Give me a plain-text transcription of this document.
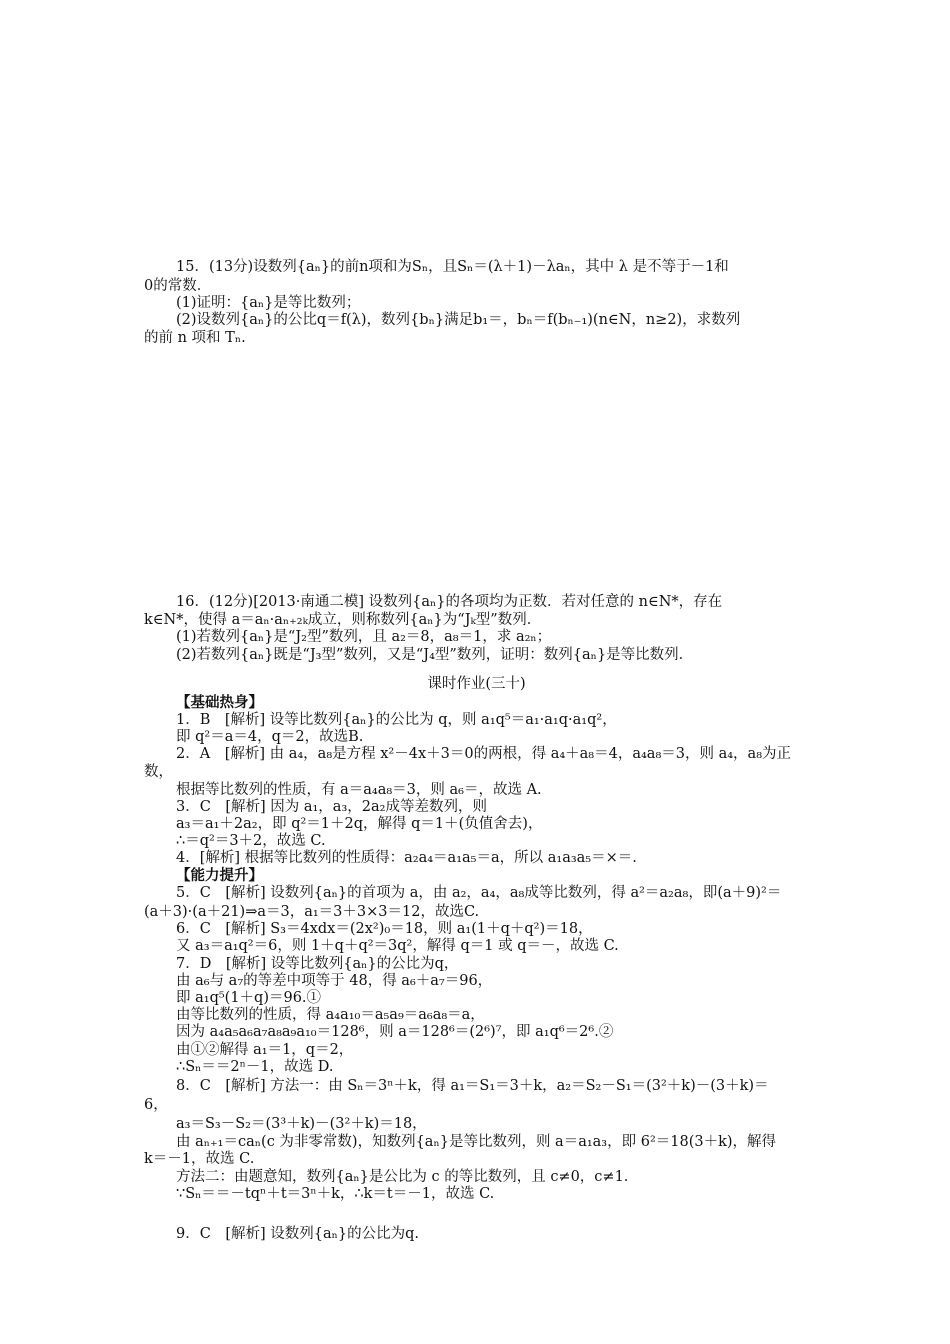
15．(13分)设数列{aₙ}的前n项和为Sₙ，且Sₙ＝(λ＋1)－λaₙ，其中 λ 是不等于－1和
0的常数．
(1)证明：{aₙ}是等比数列；
(2)设数列{aₙ}的公比q＝f(λ)，数列{bₙ}满足b₁＝，bₙ＝f(bₙ₋₁)(n∈N，n≥2)，求数列
的前 n 项和 Tₙ.
16．(12分)[2013·南通二模] 设数列{aₙ}的各项均为正数．若对任意的 n∈N*，存在
k∈N*，使得 a＝aₙ·aₙ₊₂ₖ成立，则称数列{aₙ}为“Jₖ型”数列．
(1)若数列{aₙ}是“J₂型”数列，且 a₂＝8，a₈＝1，求 a₂ₙ；
(2)若数列{aₙ}既是“J₃型”数列，又是“J₄型”数列，证明：数列{aₙ}是等比数列．
课时作业(三十)
【基础热身】
1．B　[解析] 设等比数列{aₙ}的公比为 q，则 a₁q⁵＝a₁·a₁q·a₁q²，
即 q²＝a＝4，q＝2，故选B.
2．A　[解析] 由 a₄，a₈是方程 x²－4x＋3＝0的两根，得 a₄＋a₈＝4，a₄a₈＝3，则 a₄，a₈为正
数，
根据等比数列的性质，有 a＝a₄a₈＝3，则 a₆＝，故选 A.
3．C　[解析] 因为 a₁，a₃，2a₂成等差数列，则
a₃＝a₁＋2a₂，即 q²＝1＋2q，解得 q＝1＋(负值舍去)，
∴＝q²＝3＋2，故选 C.
4．[解析] 根据等比数列的性质得：a₂a₄＝a₁a₅＝a，所以 a₁a₃a₅＝×＝.
【能力提升】
5．C　[解析] 设数列{aₙ}的首项为 a，由 a₂，a₄，a₈成等比数列，得 a²＝a₂a₈，即(a＋9)²＝
(a＋3)·(a＋21)⇒a＝3，a₁＝3＋3×3＝12，故选C.
6．C　[解析] S₃＝4xdx＝(2x²)₀＝18，则 a₁(1＋q＋q²)＝18，
又 a₃＝a₁q²＝6，则 1＋q＋q²＝3q²，解得 q＝1 或 q＝－，故选 C.
7．D　[解析] 设等比数列{aₙ}的公比为q，
由 a₆与 a₇的等差中项等于 48，得 a₆＋a₇＝96，
即 a₁q⁵(1＋q)＝96.①
由等比数列的性质，得 a₄a₁₀＝a₅a₉＝a₆a₈＝a，
因为 a₄a₅a₆a₇a₈a₉a₁₀＝128⁶，则 a＝128⁶＝(2⁶)⁷，即 a₁q⁶＝2⁶.②
由①②解得 a₁＝1，q＝2，
∴Sₙ＝＝2ⁿ－1，故选 D.
8．C　[解析] 方法一：由 Sₙ＝3ⁿ＋k，得 a₁＝S₁＝3＋k，a₂＝S₂－S₁＝(3²＋k)－(3＋k)＝
6，
a₃＝S₃－S₂＝(3³＋k)－(3²＋k)＝18，
由 aₙ₊₁＝caₙ(c 为非零常数)，知数列{aₙ}是等比数列，则 a＝a₁a₃，即 6²＝18(3＋k)，解得
k＝－1，故选 C.
方法二：由题意知，数列{aₙ}是公比为 c 的等比数列，且 c≠0，c≠1.
∵Sₙ＝＝－tqⁿ＋t＝3ⁿ＋k，∴k＝t＝－1，故选 C.
9．C　[解析] 设数列{aₙ}的公比为q.
